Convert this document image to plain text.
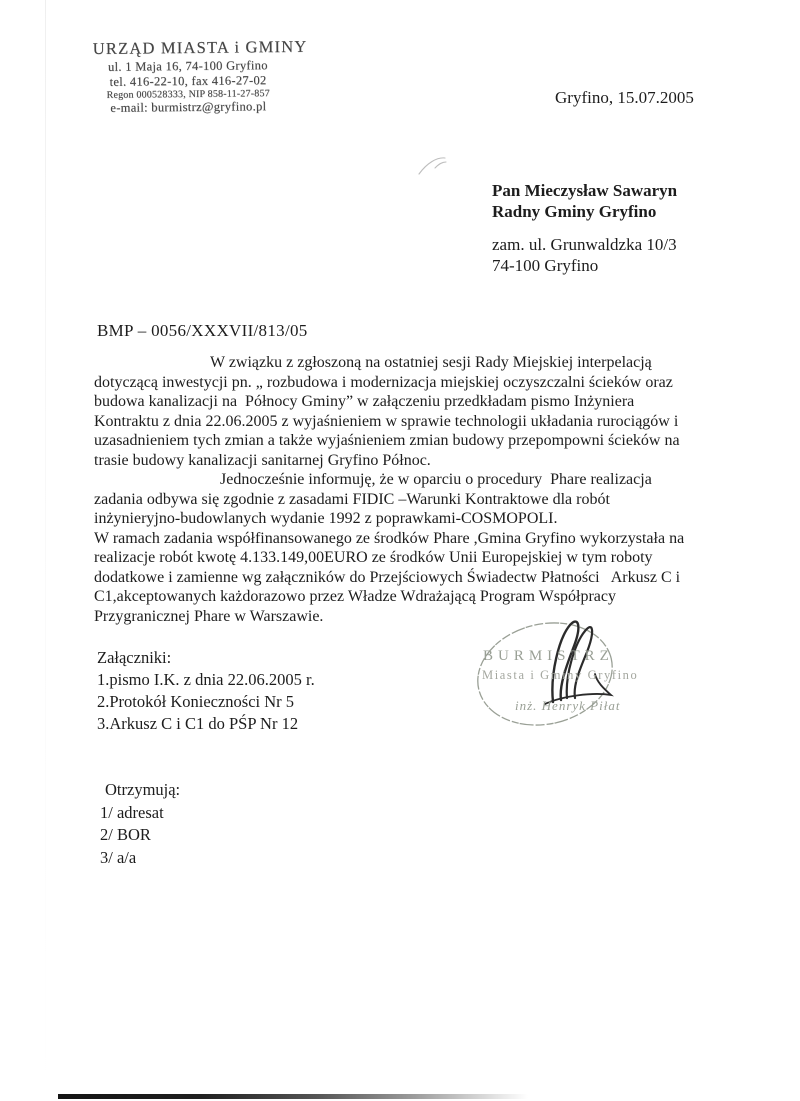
URZĄD MIASTA i GMINY
ul. 1 Maja 16, 74-100 Gryfino
tel. 416-22-10, fax 416-27-02
Regon 000528333, NIP 858-11-27-857
e-mail: burmistrz@gryfino.pl	Gryfino, 15.07.2005
Pan Mieczysław Sawaryn
Radny Gminy Gryfino
zam. ul. Grunwaldzka 10/3
74-100 Gryfino
BMP – 0056/XXXVII/813/05
W związku z zgłoszoną na ostatniej sesji Rady Miejskiej interpelacją
dotyczącą inwestycji pn. „ rozbudowa i modernizacja miejskiej oczyszczalni ścieków oraz
budowa kanalizacji na  Północy Gminy” w załączeniu przedkładam pismo Inżyniera
Kontraktu z dnia 22.06.2005 z wyjaśnieniem w sprawie technologii układania rurociągów i
uzasadnieniem tych zmian a także wyjaśnieniem zmian budowy przepompowni ścieków na
trasie budowy kanalizacji sanitarnej Gryfino Północ.
Jednocześnie informuję, że w oparciu o procedury  Phare realizacja
zadania odbywa się zgodnie z zasadami FIDIC –Warunki Kontraktowe dla robót
inżynieryjno-budowlanych wydanie 1992 z poprawkami-COSMOPOLI.
W ramach zadania współfinansowanego ze środków Phare ,Gmina Gryfino wykorzystała na
realizacje robót kwotę 4.133.149,00EURO ze środków Unii Europejskiej w tym roboty
dodatkowe i zamienne wg załączników do Przejściowych Świadectw Płatności   Arkusz C i
C1,akceptowanych każdorazowo przez Władze Wdrażającą Program Współpracy
Przygranicznej Phare w Warszawie.
Załączniki:
1.pismo I.K. z dnia 22.06.2005 r.
2.Protokół Konieczności Nr 5
3.Arkusz C i C1 do PŚP Nr 12
BURMISTRZ
Miasta i Gminy Gryfino
inż. Henryk Piłat
Otrzymują:
1/ adresat
2/ BOR
3/ a/a
